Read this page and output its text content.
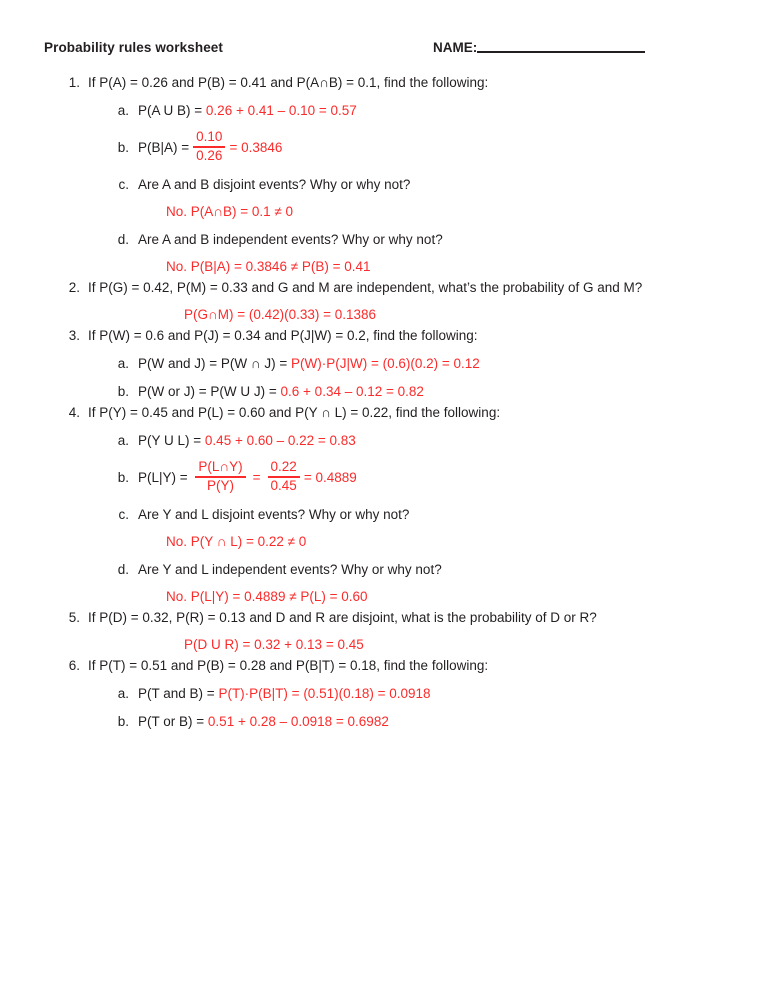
Probability rules worksheet	NAME:
1. If P(A) = 0.26 and P(B) = 0.41 and P(A∩B) = 0.1, find the following:
a. P(A U B) =
0.26 + 0.41 – 0.10 = 0.57
b. $P(B|A) = \frac{0.10}{0.26} = 0.3846$
c. Are A and B disjoint events? Why or why not?
No. P(A∩B) = 0.1 ≠ 0
d. Are A and B independent events? Why or why not?
No. P(B|A) = 0.3846 ≠ P(B) = 0.41
2. If P(G) = 0.42, P(M) = 0.33 and G and M are independent, what’s the probability of G and M?
P(G∩M) = (0.42)(0.33) = 0.1386
3. If P(W) = 0.6 and P(J) = 0.34 and P(J|W) = 0.2, find the following:
a. P(W and J) = P(W ∩ J) =
P(W)·P(J|W) = (0.6)(0.2) = 0.12
b. P(W or J) = P(W U J) =
0.6 + 0.34 – 0.12 = 0.82
4. If P(Y) = 0.45 and P(L) = 0.60 and P(Y ∩ L) = 0.22, find the following:
a. P(Y U L) =
0.45 + 0.60 – 0.22 = 0.83
b. P(L|Y) =
$\frac{P(L\cap Y)}{P(Y)} = \frac{0.22}{0.45} = 0.4889$
c. Are Y and L disjoint events? Why or why not?
No. P(Y ∩ L) = 0.22 ≠ 0
d. Are Y and L independent events? Why or why not?
No. P(L|Y) = 0.4889 ≠ P(L) = 0.60
5. If P(D) = 0.32, P(R) = 0.13 and D and R are disjoint, what is the probability of D or R?
P(D U R) = 0.32 + 0.13 = 0.45
6. If P(T) = 0.51 and P(B) = 0.28 and P(B|T) = 0.18, find the following:
a. P(T and B) =
P(T)·P(B|T) = (0.51)(0.18) = 0.0918
b. P(T or B) =
0.51 + 0.28 – 0.0918 = 0.6982
